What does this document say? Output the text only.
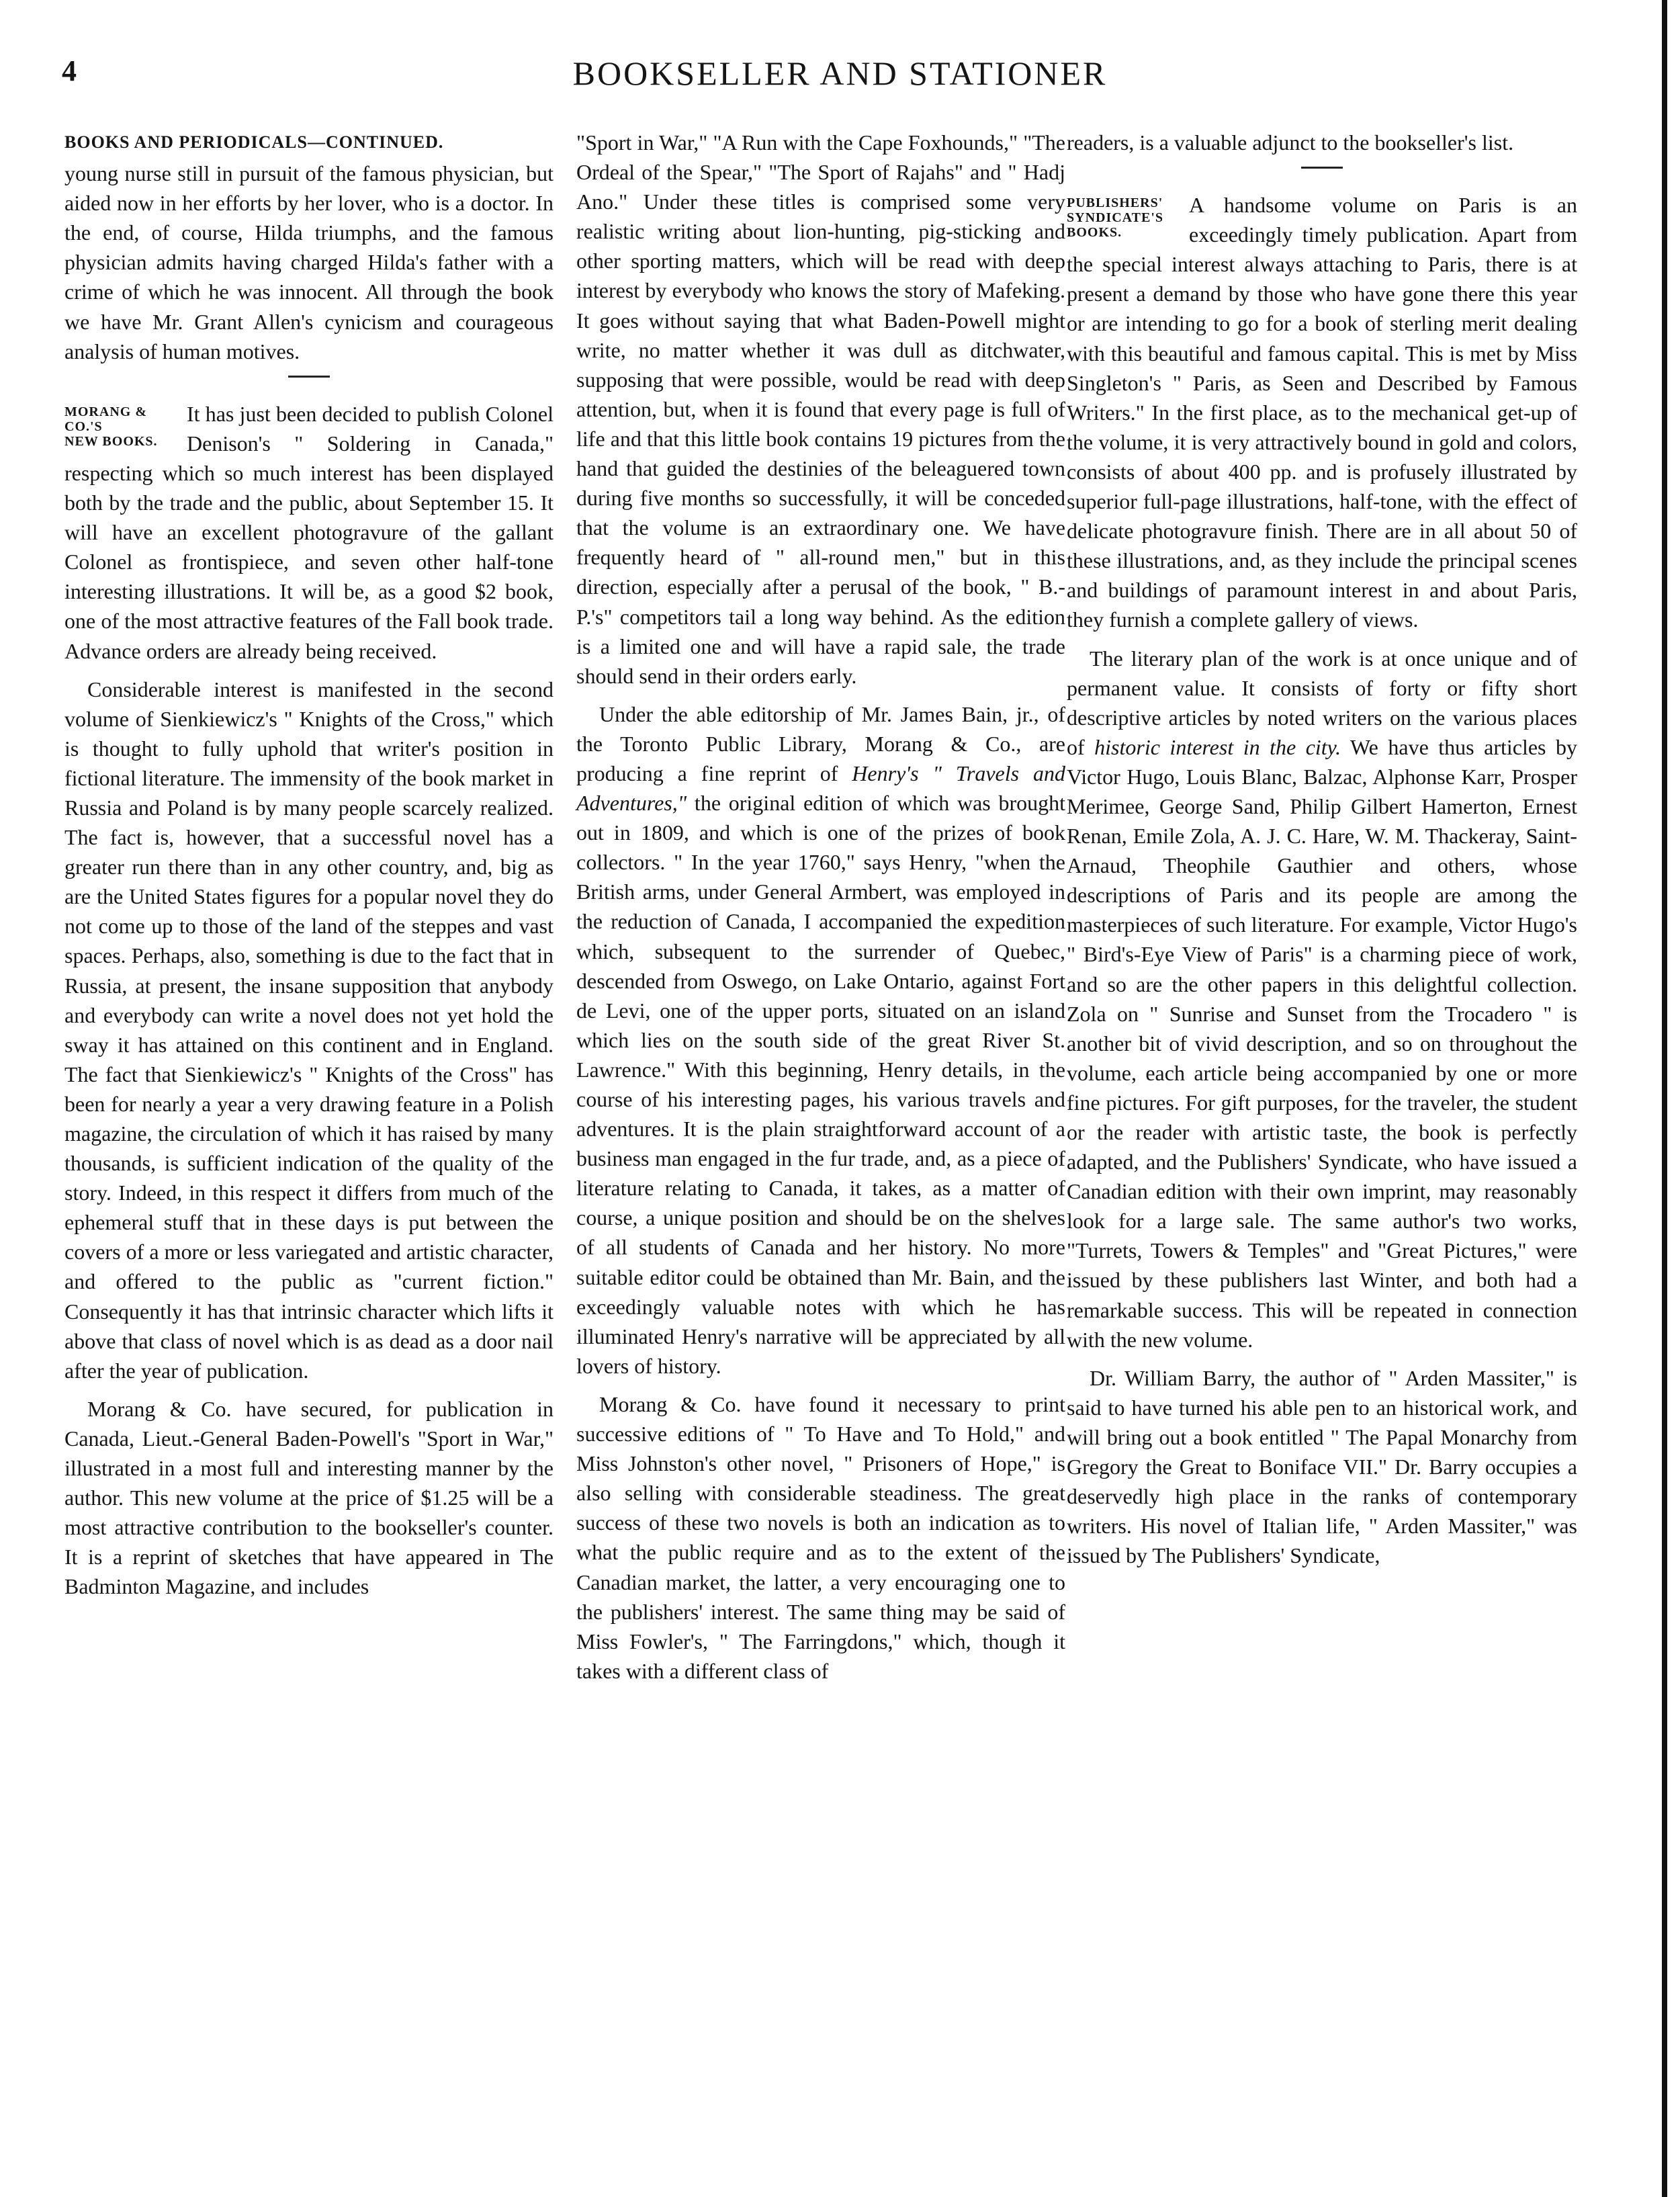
4	BOOKSELLER AND STATIONER
BOOKS AND PERIODICALS—CONTINUED.

young nurse still in pursuit of the famous physician, but aided now in her efforts by her lover, who is a doctor. In the end, of course, Hilda triumphs, and the famous physician admits having charged Hilda's father with a crime of which he was innocent. All through the book we have Mr. Grant Allen's cynicism and courageous analysis of human motives.

MORANG &
CO.'S
NEW BOOKS.

It has just been decided to publish Colonel Denison's " Soldering in Canada," respecting which so much interest has been displayed both by the trade and the public, about September 15. It will have an excellent photogravure of the gallant Colonel as frontispiece, and seven other half-tone interesting illustrations. It will be, as a good $2 book, one of the most attractive features of the Fall book trade. Advance orders are already being received.

Considerable interest is manifested in the second volume of Sienkiewicz's " Knights of the Cross," which is thought to fully uphold that writer's position in fictional literature. The immensity of the book market in Russia and Poland is by many people scarcely realized. The fact is, however, that a successful novel has a greater run there than in any other country, and, big as are the United States figures for a popular novel they do not come up to those of the land of the steppes and vast spaces. Perhaps, also, something is due to the fact that in Russia, at present, the insane supposition that anybody and everybody can write a novel does not yet hold the sway it has attained on this continent and in England. The fact that Sienkiewicz's " Knights of the Cross" has been for nearly a year a very drawing feature in a Polish magazine, the circulation of which it has raised by many thousands, is sufficient indication of the quality of the story. Indeed, in this respect it differs from much of the ephemeral stuff that in these days is put between the covers of a more or less variegated and artistic character, and offered to the public as "current fiction." Consequently it has that intrinsic character which lifts it above that class of novel which is as dead as a door nail after the year of publication.

Morang & Co. have secured, for publication in Canada, Lieut.-General Baden-Powell's "Sport in War," illustrated in a most full and interesting manner by the author. This new volume at the price of $1.25 will be a most attractive contribution to the bookseller's counter. It is a reprint of sketches that have appeared in The Badminton Magazine, and includes

"Sport in War," "A Run with the Cape Foxhounds," "The Ordeal of the Spear," "The Sport of Rajahs" and " Hadj Ano." Under these titles is comprised some very realistic writing about lion-hunting, pig-sticking and other sporting matters, which will be read with deep interest by everybody who knows the story of Mafeking. It goes without saying that what Baden-Powell might write, no matter whether it was dull as ditchwater, supposing that were possible, would be read with deep attention, but, when it is found that every page is full of life and that this little book contains 19 pictures from the hand that guided the destinies of the beleaguered town during five months so successfully, it will be conceded that the volume is an extraordinary one. We have frequently heard of " all-round men," but in this direction, especially after a perusal of the book, " B.-P.'s" competitors tail a long way behind. As the edition is a limited one and will have a rapid sale, the trade should send in their orders early.

Under the able editorship of Mr. James Bain, jr., of the Toronto Public Library, Morang & Co., are producing a fine reprint of Henry's " Travels and Adventures," the original edition of which was brought out in 1809, and which is one of the prizes of book collectors. " In the year 1760," says Henry, "when the British arms, under General Armbert, was employed in the reduction of Canada, I accompanied the expedition which, subsequent to the surrender of Quebec, descended from Oswego, on Lake Ontario, against Fort de Levi, one of the upper ports, situated on an island which lies on the south side of the great River St. Lawrence." With this beginning, Henry details, in the course of his interesting pages, his various travels and adventures. It is the plain straightforward account of a business man engaged in the fur trade, and, as a piece of literature relating to Canada, it takes, as a matter of course, a unique position and should be on the shelves of all students of Canada and her history. No more suitable editor could be obtained than Mr. Bain, and the exceedingly valuable notes with which he has illuminated Henry's narrative will be appreciated by all lovers of history.

Morang & Co. have found it necessary to print successive editions of " To Have and To Hold," and Miss Johnston's other novel, " Prisoners of Hope," is also selling with considerable steadiness. The great success of these two novels is both an indication as to what the public require and as to the extent of the Canadian market, the latter, a very encouraging one to the publishers' interest. The same thing may be said of Miss Fowler's, " The Farringdons," which, though it takes with a different class of

readers, is a valuable adjunct to the bookseller's list.

PUBLISHERS'
SYNDICATE'S
BOOKS.

A handsome volume on Paris is an exceedingly timely publication. Apart from the special interest always attaching to Paris, there is at present a demand by those who have gone there this year or are intending to go for a book of sterling merit dealing with this beautiful and famous capital. This is met by Miss Singleton's " Paris, as Seen and Described by Famous Writers." In the first place, as to the mechanical get-up of the volume, it is very attractively bound in gold and colors, consists of about 400 pp. and is profusely illustrated by superior full-page illustrations, half-tone, with the effect of delicate photogravure finish. There are in all about 50 of these illustrations, and, as they include the principal scenes and buildings of paramount interest in and about Paris, they furnish a complete gallery of views.

The literary plan of the work is at once unique and of permanent value. It consists of forty or fifty short descriptive articles by noted writers on the various places of historic interest in the city. We have thus articles by Victor Hugo, Louis Blanc, Balzac, Alphonse Karr, Prosper Merimee, George Sand, Philip Gilbert Hamerton, Ernest Renan, Emile Zola, A. J. C. Hare, W. M. Thackeray, Saint-Arnaud, Theophile Gauthier and others, whose descriptions of Paris and its people are among the masterpieces of such literature. For example, Victor Hugo's " Bird's-Eye View of Paris" is a charming piece of work, and so are the other papers in this delightful collection. Zola on " Sunrise and Sunset from the Trocadero " is another bit of vivid description, and so on throughout the volume, each article being accompanied by one or more fine pictures. For gift purposes, for the traveler, the student or the reader with artistic taste, the book is perfectly adapted, and the Publishers' Syndicate, who have issued a Canadian edition with their own imprint, may reasonably look for a large sale. The same author's two works, "Turrets, Towers & Temples" and "Great Pictures," were issued by these publishers last Winter, and both had a remarkable success. This will be repeated in connection with the new volume.

Dr. William Barry, the author of " Arden Massiter," is said to have turned his able pen to an historical work, and will bring out a book entitled " The Papal Monarchy from Gregory the Great to Boniface VII." Dr. Barry occupies a deservedly high place in the ranks of contemporary writers. His novel of Italian life, " Arden Massiter," was issued by The Publishers' Syndicate,
